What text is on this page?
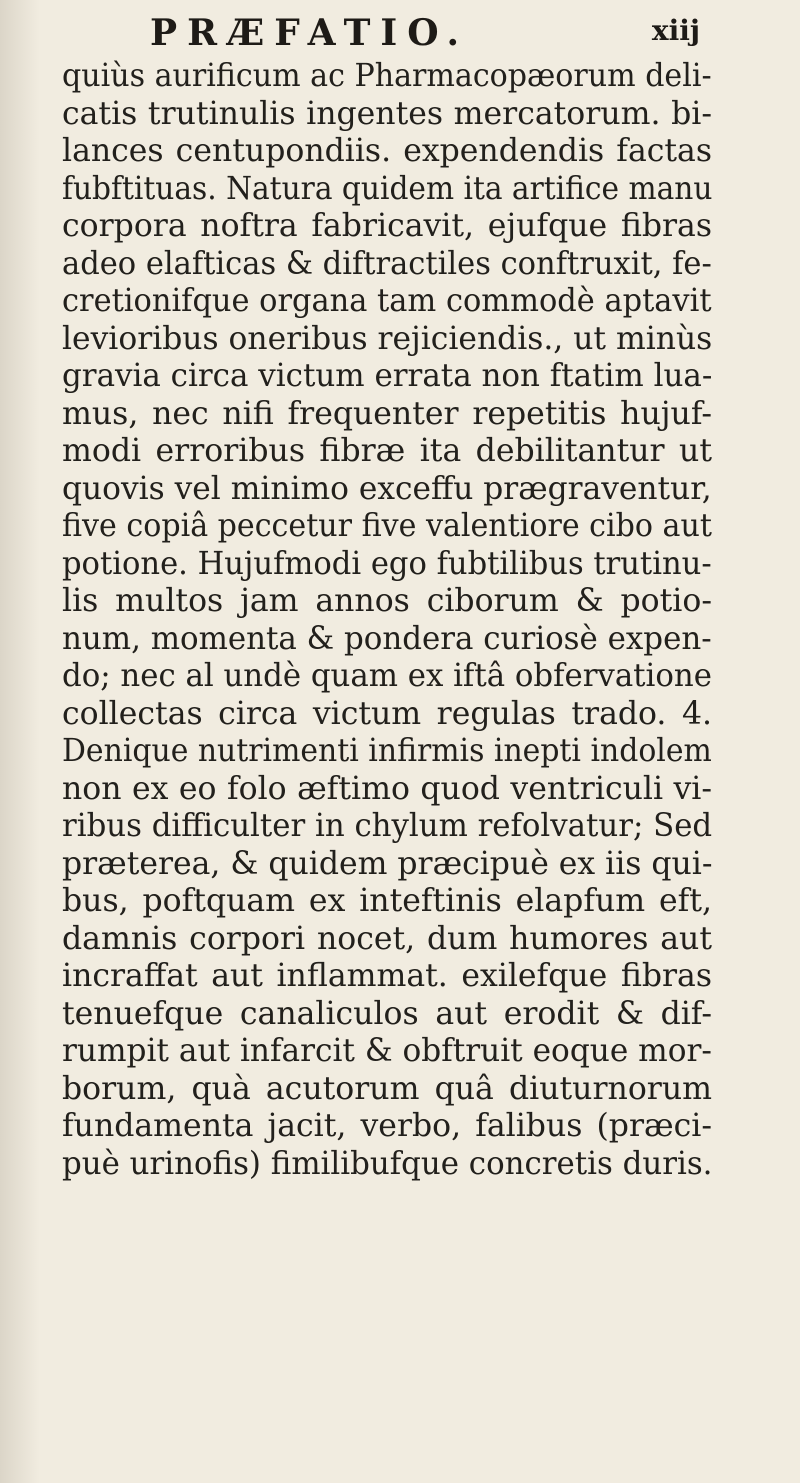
PRÆFATIO.	xiij
quiùs aurificum ac Pharmacopæorum deli-
catis trutinulis ingentes mercatorum. bi-
lances centupondiis. expendendis factas
fubftituas. Natura quidem ita artifice manu
corpora noftra fabricavit, ejufque fibras
adeo elafticas & diftractiles conftruxit, fe-
cretionifque organa tam commodè aptavit
levioribus oneribus rejiciendis., ut minùs
gravia circa victum errata non ftatim lua-
mus, nec nifi frequenter repetitis hujuf-
modi erroribus fibræ ita debilitantur ut
quovis vel minimo exceffu prægraventur,
five copiâ peccetur five valentiore cibo aut
potione. Hujufmodi ego fubtilibus trutinu-
lis multos jam annos ciborum & potio-
num, momenta & pondera curiosè expen-
do; nec al undè quam ex iftâ obfervatione
collectas circa victum regulas trado. 4.
Denique nutrimenti infirmis inepti indolem
non ex eo folo æftimo quod ventriculi vi-
ribus difficulter in chylum refolvatur; Sed
præterea, & quidem præcipuè ex iis qui-
bus, poftquam ex inteftinis elapfum eft,
damnis corpori nocet, dum humores aut
incraffat aut inflammat. exilefque fibras
tenuefque canaliculos aut erodit & dif-
rumpit aut infarcit & obftruit eoque mor-
borum, quà acutorum quâ diuturnorum
fundamenta jacit, verbo, falibus (præci-
puè urinofis) fimilibufque concretis duris.
